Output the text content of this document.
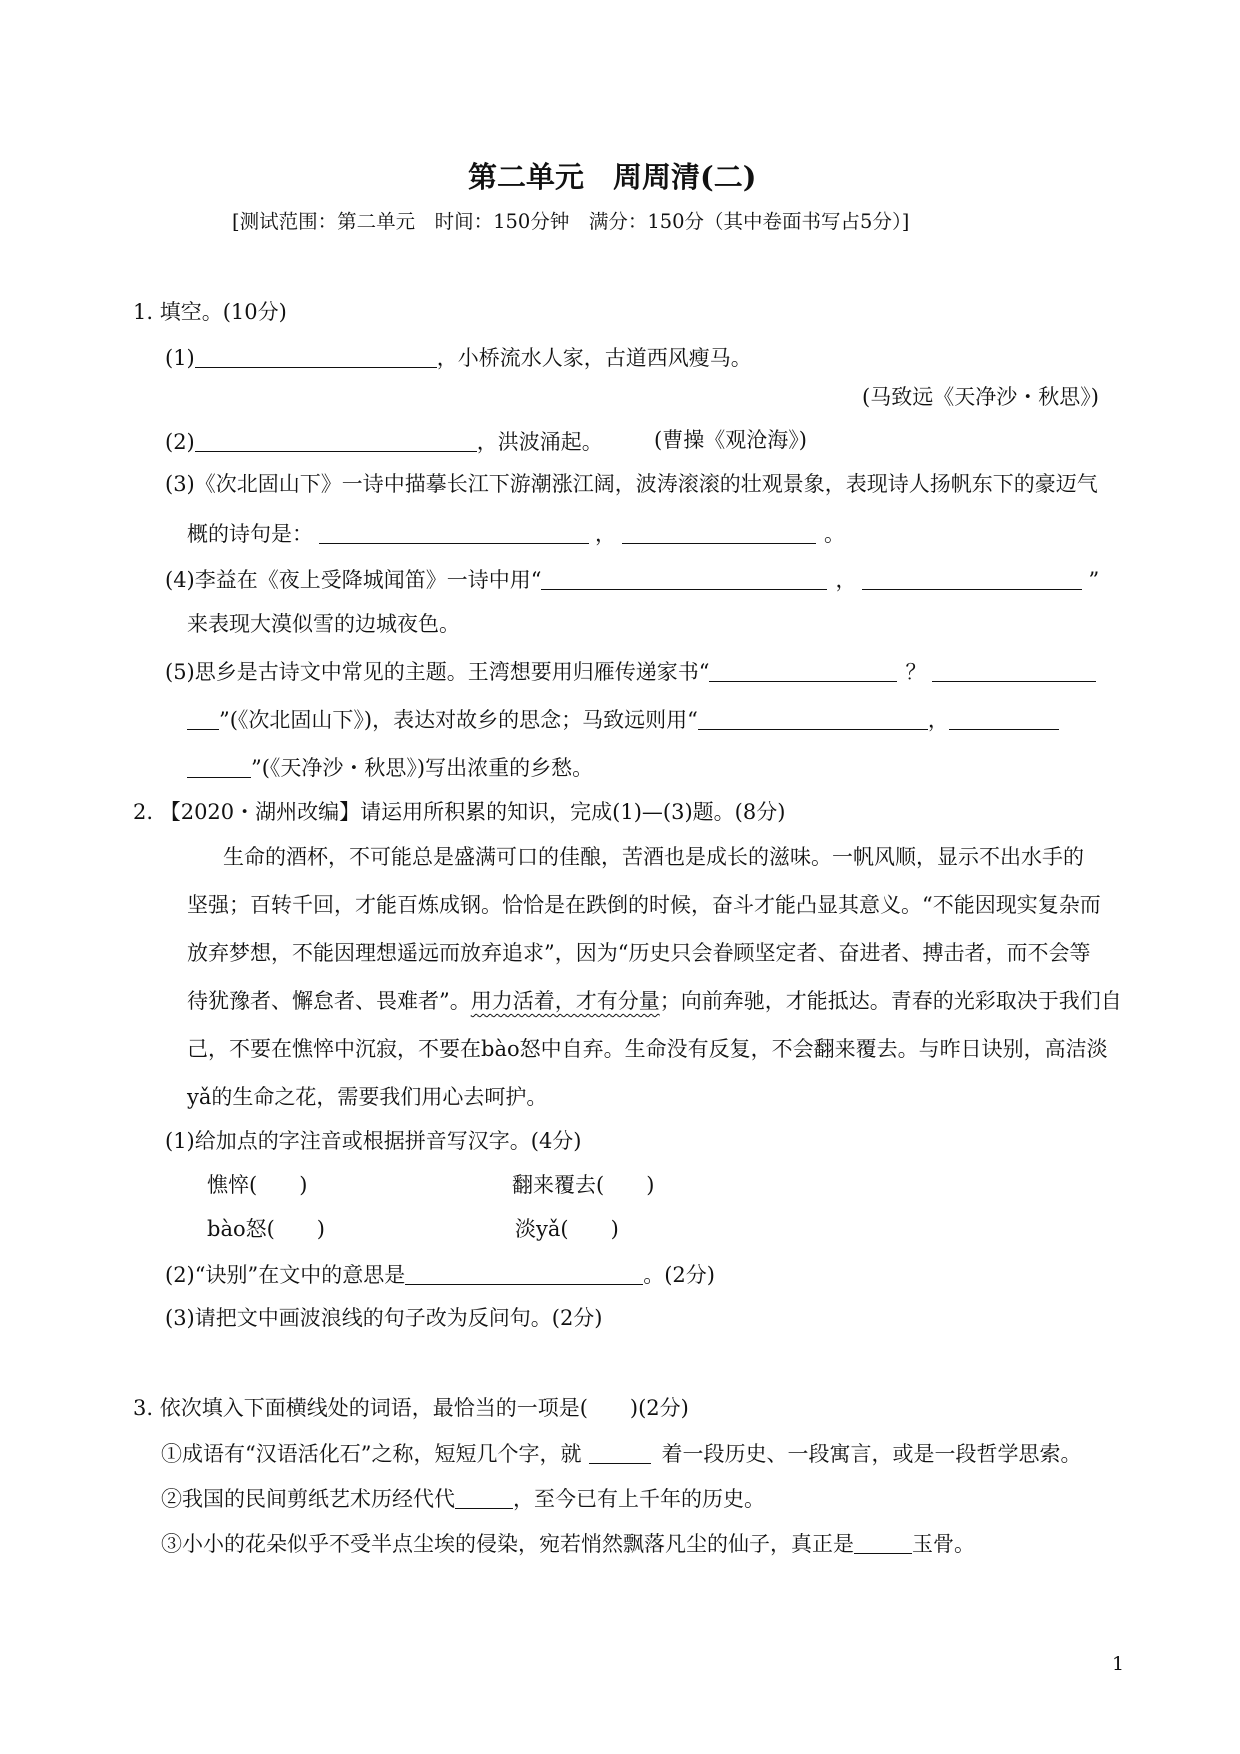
第二单元　周周清(二)
[测试范围：第二单元　时间：150分钟　满分：150分（其中卷面书写占5分）]
1. 填空。(10分)
(1)	，小桥流水人家，古道西风瘦马。
(马致远《天净沙・秋思》)
(2)	，洪波涌起。 (曹操《观沧海》)
(3)《次北固山下》一诗中描摹长江下游潮涨江阔，波涛滚滚的壮观景象，表现诗人扬帆东下的豪迈气
概的诗句是：	，	。
(4)李益在《夜上受降城闻笛》一诗中用“	，	”
来表现大漠似雪的边城夜色。
(5)思乡是古诗文中常见的主题。王湾想要用归雁传递家书“	？
”(《次北固山下》)，表达对故乡的思念；马致远则用“	，
”(《天净沙・秋思》)写出浓重的乡愁。
2. 【2020・湖州改编】请运用所积累的知识，完成(1)—(3)题。(8分)
生命的酒杯，不可能总是盛满可口的佳酿，苦酒也是成长的滋味。一帆风顺，显示不出水手的
坚强；百转千回，才能百炼成钢。恰恰是在跌倒的时候，奋斗才能凸显其意义。“不能因现实复杂而
放弃梦想，不能因理想遥远而放弃追求”，因为“历史只会眷顾坚定者、奋进者、搏击者，而不会等
待犹豫者、懈怠者、畏难者”。用力活着，才有分量；向前奔驰，才能抵达。青春的光彩取决于我们自
己，不要在憔悴中沉寂，不要在bào怒中自弃。生命没有反复，不会翻来覆去。与昨日诀别，高洁淡
yǎ的生命之花，需要我们用心去呵护。
(1)给加点的字注音或根据拼音写汉字。(4分)
憔悴(　　)	翻来覆去(　　)
bào怒(　　)	淡yǎ(　　)
(2)“诀别”在文中的意思是	。(2分)
(3)请把文中画波浪线的句子改为反问句。(2分)
3. 依次填入下面横线处的词语，最恰当的一项是(　　)(2分)
①成语有“汉语活化石”之称，短短几个字，就	着一段历史、一段寓言，或是一段哲学思索。
②我国的民间剪纸艺术历经代代	，至今已有上千年的历史。
③小小的花朵似乎不受半点尘埃的侵染，宛若悄然飘落凡尘的仙子，真正是	玉骨。
1
